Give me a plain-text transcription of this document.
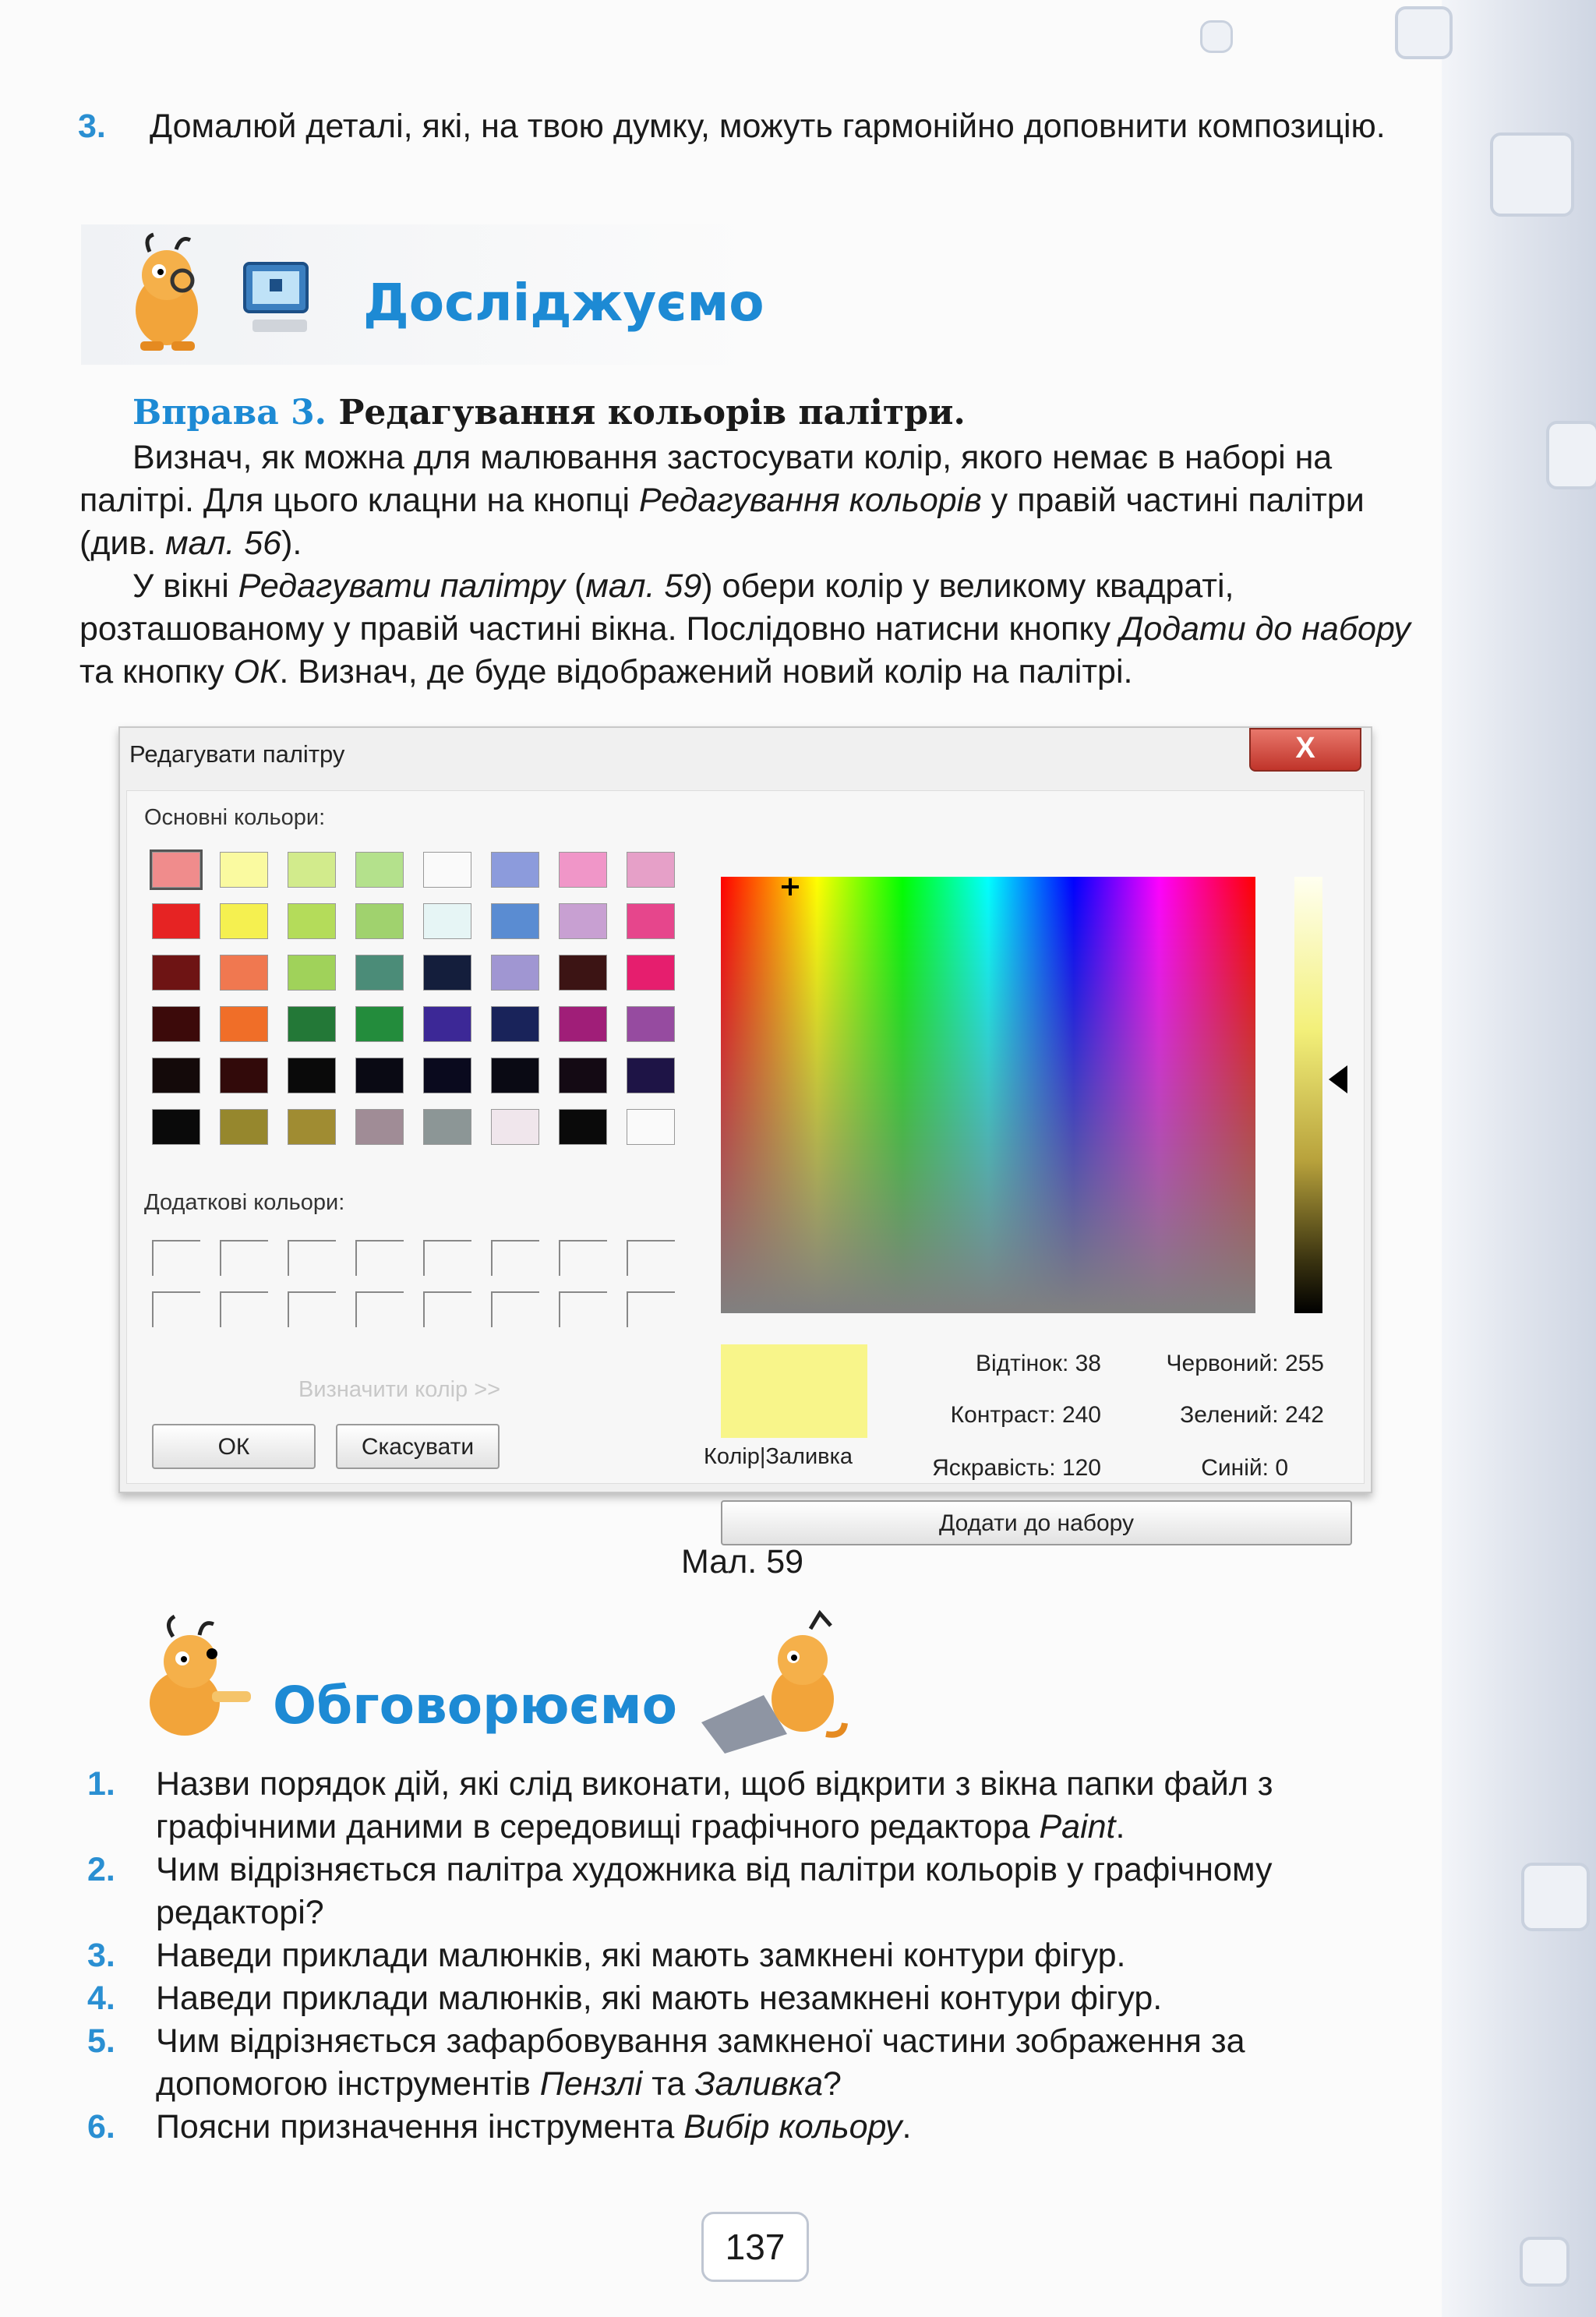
3. Домалюй деталі, які, на твою думку, можуть гармонійно доповнити композицію.

Досліджуємо
Вправа 3. Редагування кольорів палітри.

Визнач, як можна для малювання застосувати колір, якого немає в наборі на палітрі. Для цього клацни на кнопці Редагування кольорів у правій частині палітри (див. мал. 56).

У вікні Редагувати палітру (мал. 59) обери колір у великому квадраті, розташованому у правій частині вікна. Послідовно натисни кнопку Додати до набору та кнопку ОК. Визнач, де буде відображений новий колір на палітрі.

Редагувати палітру	X
Основні кольори:
Додаткові кольори:
Визначити колір >>
ОК	Скасувати	Колір|Заливка
Відтінок: 38
Контраст: 240
Яскравість: 120
Червоний: 255
Зелений: 242
Синій: 0
Додати до набору
Мал. 59
Обговорюємо
1. Назви порядок дій, які слід виконати, щоб відкрити з вікна папки файл з графічними даними в середовищі графічного редактора Paint.

2. Чим відрізняється палітра художника від палітри кольорів у графічному редакторі?

3. Наведи приклади малюнків, які мають замкнені контури фігур.

4. Наведи приклади малюнків, які мають незамкнені контури фігур.

5. Чим відрізняється зафарбовування замкненої частини зображення за допомогою інструментів Пензлі та Заливка?

6. Поясни призначення інструмента Вибір кольору.

137
